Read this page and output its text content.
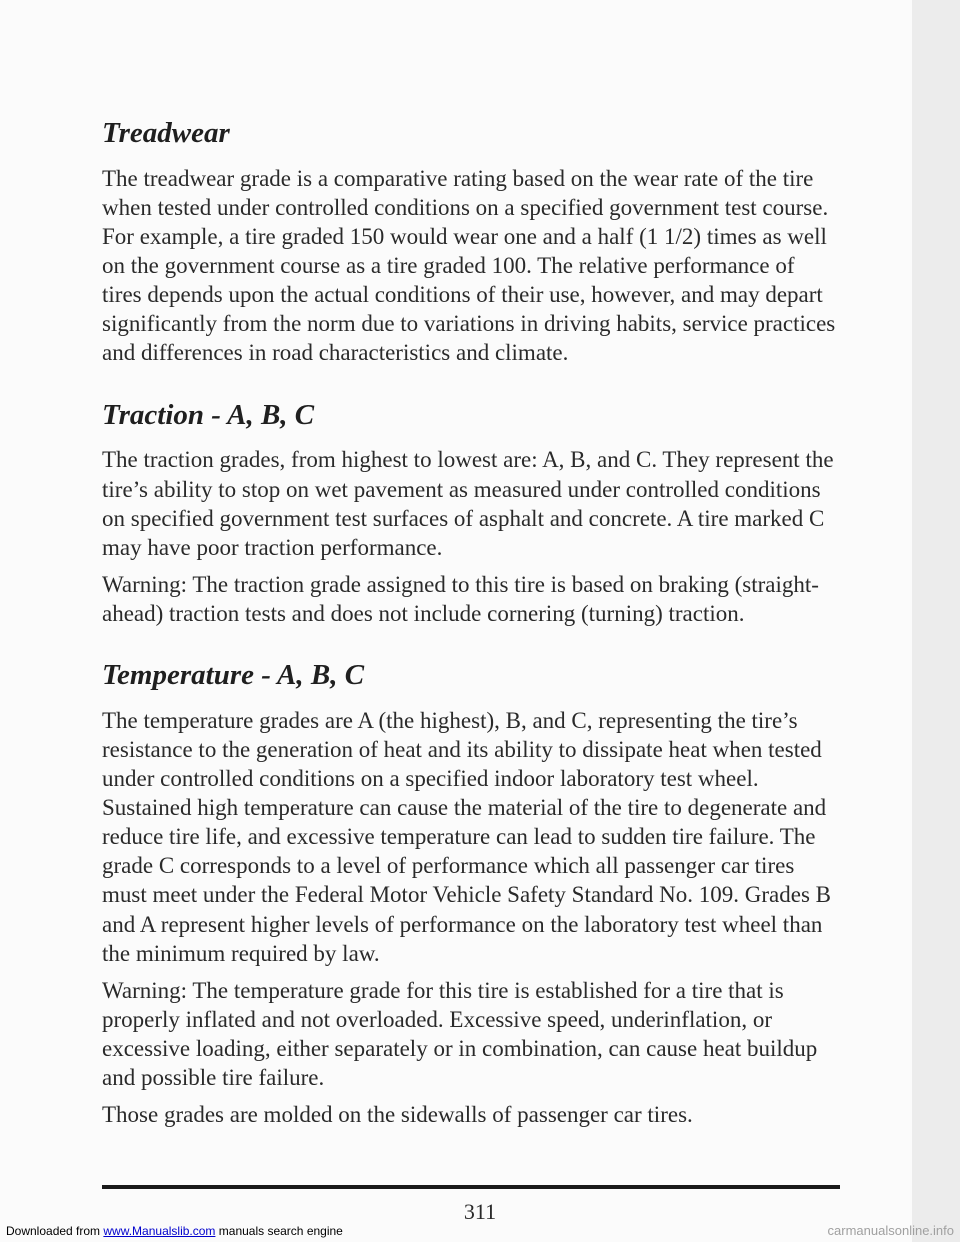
Treadwear

The treadwear grade is a comparative rating based on the wear rate of the tire when tested under controlled conditions on a specified government test course. For example, a tire graded 150 would wear one and a half (1 1/2) times as well on the government course as a tire graded 100. The relative performance of tires depends upon the actual conditions of their use, however, and may depart significantly from the norm due to variations in driving habits, service practices and differences in road characteristics and climate.

Traction - A, B, C

The traction grades, from highest to lowest are: A, B, and C. They represent the tire’s ability to stop on wet pavement as measured under controlled conditions on specified government test surfaces of asphalt and concrete. A tire marked C may have poor traction performance.

Warning: The traction grade assigned to this tire is based on braking (straight-ahead) traction tests and does not include cornering (turning) traction.

Temperature - A, B, C

The temperature grades are A (the highest), B, and C, representing the tire’s resistance to the generation of heat and its ability to dissipate heat when tested under controlled conditions on a specified indoor laboratory test wheel. Sustained high temperature can cause the material of the tire to degenerate and reduce tire life, and excessive temperature can lead to sudden tire failure. The grade C corresponds to a level of performance which all passenger car tires must meet under the Federal Motor Vehicle Safety Standard No. 109. Grades B and A represent higher levels of performance on the laboratory test wheel than the minimum required by law.

Warning: The temperature grade for this tire is established for a tire that is properly inflated and not overloaded. Excessive speed, underinflation, or excessive loading, either separately or in combination, can cause heat buildup and possible tire failure.

Those grades are molded on the sidewalls of passenger car tires.

311
Downloaded from www.Manualslib.com manuals search engine	carmanualsonline.info
